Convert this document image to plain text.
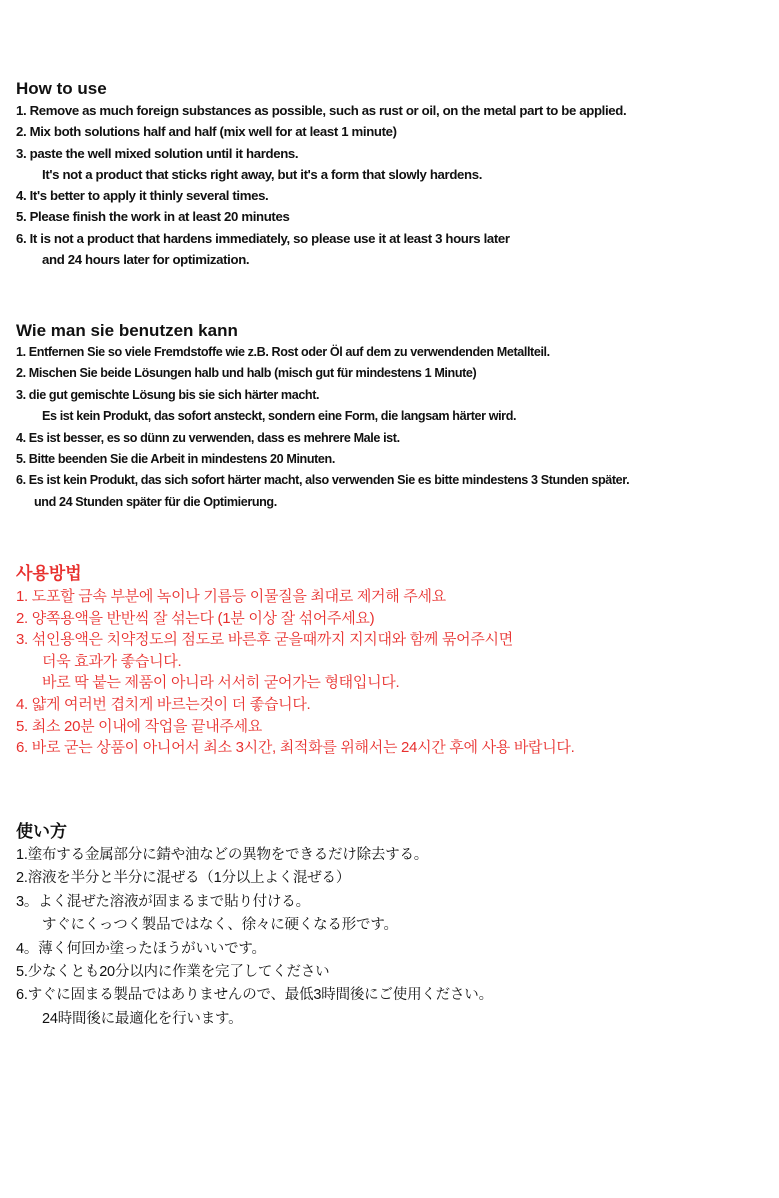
How to use
1. Remove as much foreign substances as possible, such as rust or oil, on the metal part to be applied.
2. Mix both solutions half and half (mix well for at least 1 minute)
3. paste the well mixed solution until it hardens.
It's not a product that sticks right away, but it's a form that slowly hardens.
4. It's better to apply it thinly several times.
5. Please finish the work in at least 20 minutes
6. It is not a product that hardens immediately, so please use it at least 3 hours later
and 24 hours later for optimization.
Wie man sie benutzen kann
1. Entfernen Sie so viele Fremdstoffe wie z.B. Rost oder Öl auf dem zu verwendenden Metallteil.
2. Mischen Sie beide Lösungen halb und halb (misch gut für mindestens 1 Minute)
3. die gut gemischte Lösung bis sie sich härter macht.
Es ist kein Produkt, das sofort ansteckt, sondern eine Form, die langsam härter wird.
4. Es ist besser, es so dünn zu verwenden, dass es mehrere Male ist.
5. Bitte beenden Sie die Arbeit in mindestens 20 Minuten.
6. Es ist kein Produkt, das sich sofort härter macht, also verwenden Sie es bitte mindestens 3 Stunden später.
und 24 Stunden später für die Optimierung.
사용방법
1. 도포할 금속 부분에 녹이나 기름등 이물질을 최대로 제거해 주세요
2. 양쪽용액을 반반씩 잘 섞는다 (1분 이상 잘 섞어주세요)
3. 섞인용액은 치약정도의 점도로 바른후 굳을때까지 지지대와 함께 묶어주시면
더욱 효과가 좋습니다.
바로 딱 붙는 제품이 아니라 서서히 굳어가는 형태입니다.
4. 얇게 여러번 겹치게 바르는것이 더 좋습니다.
5. 최소 20분 이내에 작업을 끝내주세요
6. 바로 굳는 상품이 아니어서 최소 3시간, 최적화를 위해서는 24시간 후에 사용 바랍니다.
使い方
1.塗布する金属部分に錆や油などの異物をできるだけ除去する。
2.溶液を半分と半分に混ぜる（1分以上よく混ぜる）
3。よく混ぜた溶液が固まるまで貼り付ける。
すぐにくっつく製品ではなく、徐々に硬くなる形です。
4。薄く何回か塗ったほうがいいです。
5.少なくとも20分以内に作業を完了してください
6.すぐに固まる製品ではありませんので、最低3時間後にご使用ください。
24時間後に最適化を行います。
